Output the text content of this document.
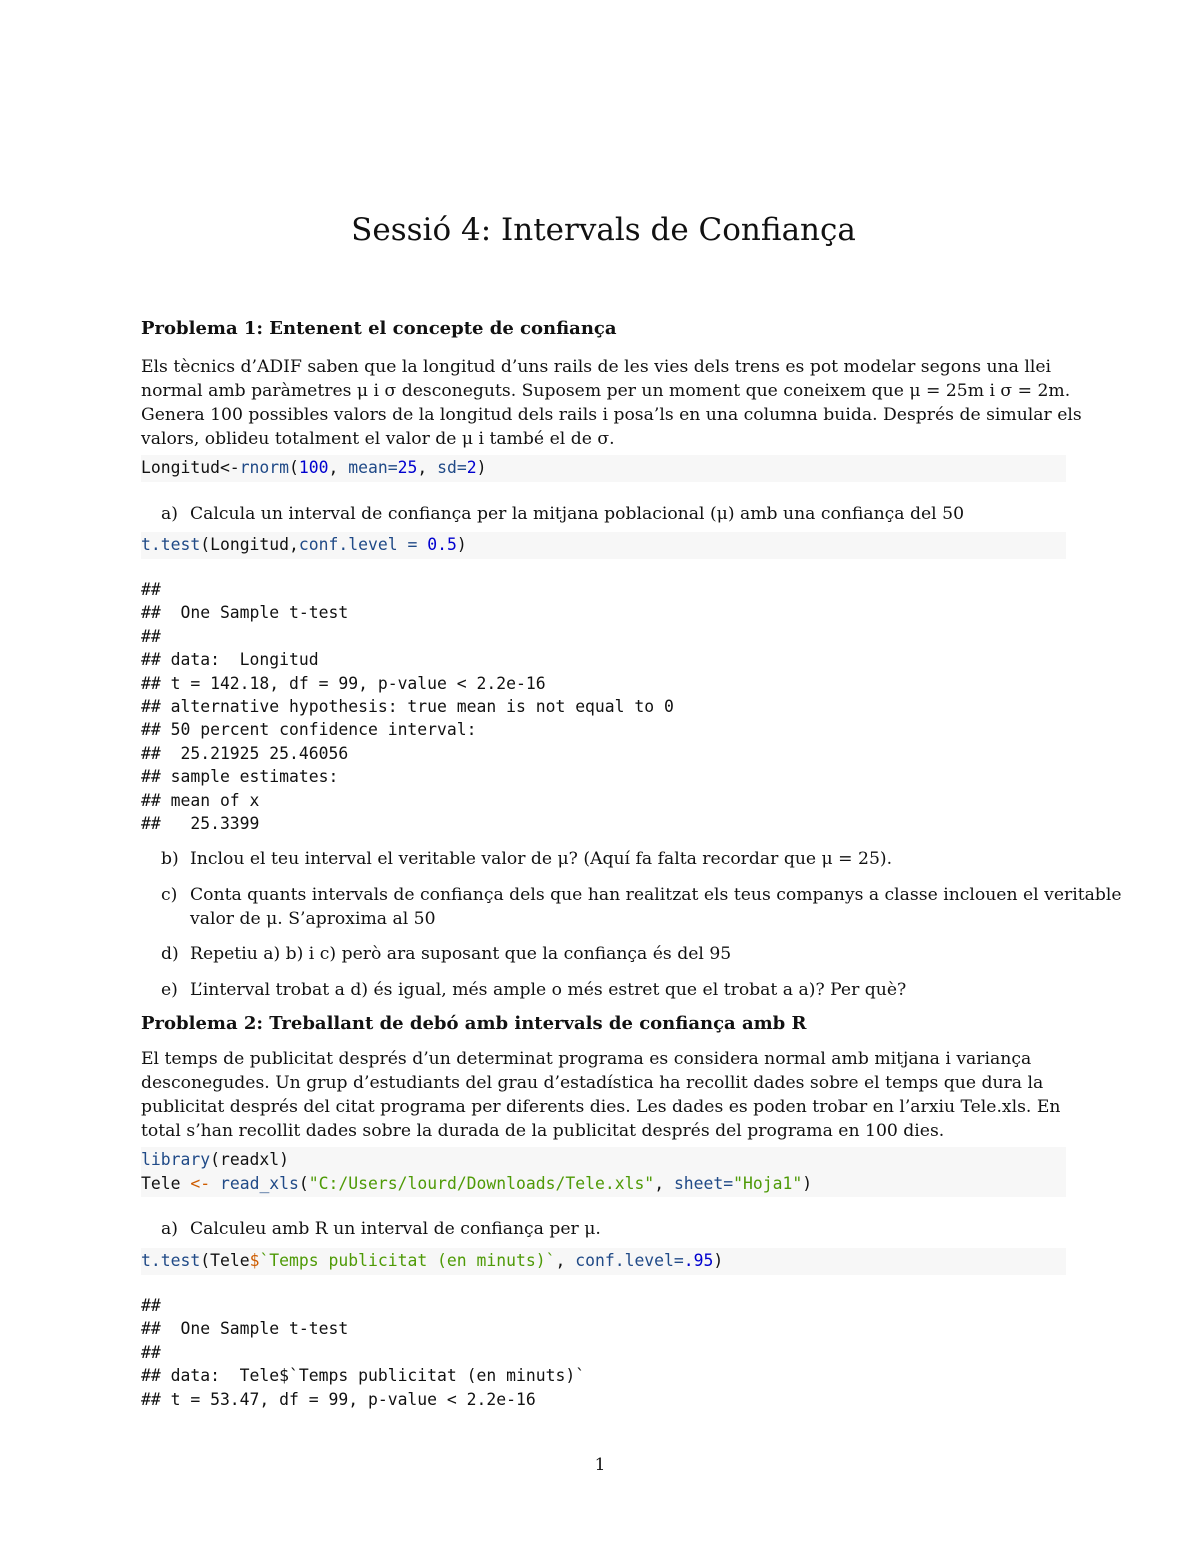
Sessió 4: Intervals de Confiança
Problema 1: Entenent el concepte de confiança

Els tècnics d’ADIF saben que la longitud d’uns rails de les vies dels trens es pot modelar segons una llei
normal amb paràmetres μ i σ desconeguts. Suposem per un moment que coneixem que μ = 25m i σ = 2m.
Genera 100 possibles valors de la longitud dels rails i posa’ls en una columna buida. Després de simular els
valors, oblideu totalment el valor de μ i també el de σ.

Longitud<-rnorm(100, mean=25, sd=2)
a) Calcula un interval de confiança per la mitjana poblacional (μ) amb una confiança del 50
t.test(Longitud,conf.level = 0.5)
##
##  One Sample t-test
##
## data:  Longitud
## t = 142.18, df = 99, p-value < 2.2e-16
## alternative hypothesis: true mean is not equal to 0
## 50 percent confidence interval:
##  25.21925 25.46056
## sample estimates:
## mean of x
##   25.3399
b) Inclou el teu interval el veritable valor de μ? (Aquí fa falta recordar que μ = 25).
c) Conta quants intervals de confiança dels que han realitzat els teus companys a classe inclouen el veritable
valor de μ. S’aproxima al 50
d) Repetiu a) b) i c) però ara suposant que la confiança és del 95
e) L’interval trobat a d) és igual, més ample o més estret que el trobat a a)? Per què?
Problema 2: Treballant de debó amb intervals de confiança amb R

El temps de publicitat després d’un determinat programa es considera normal amb mitjana i variança
desconegudes. Un grup d’estudiants del grau d’estadística ha recollit dades sobre el temps que dura la
publicitat després del citat programa per diferents dies. Les dades es poden trobar en l’arxiu Tele.xls. En
total s’han recollit dades sobre la durada de la publicitat després del programa en 100 dies.

library(readxl)
Tele <- read_xls("C:/Users/lourd/Downloads/Tele.xls", sheet="Hoja1")
a) Calculeu amb R un interval de confiança per μ.
t.test(Tele$`Temps publicitat (en minuts)`, conf.level=.95)
##
##  One Sample t-test
##
## data:  Tele$`Temps publicitat (en minuts)`
## t = 53.47, df = 99, p-value < 2.2e-16
1
